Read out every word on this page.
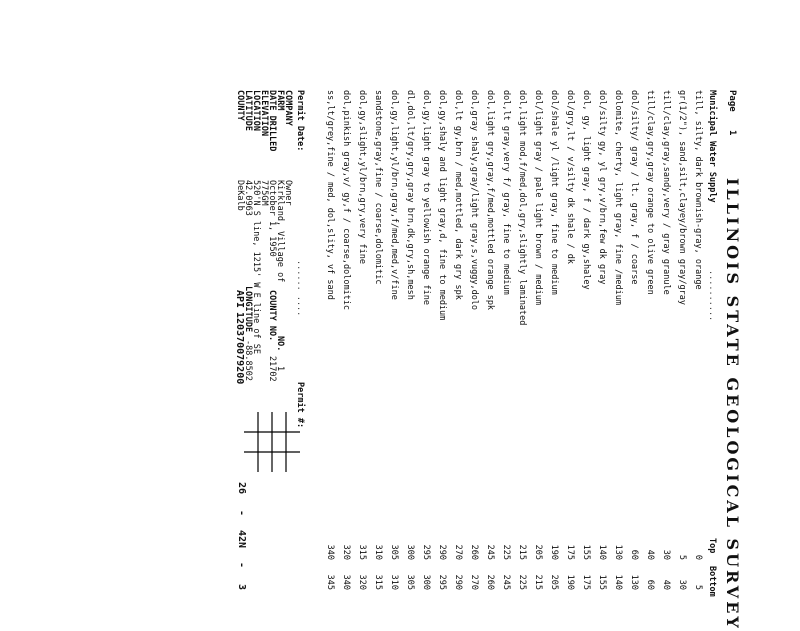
Page
1
ILLINOIS STATE GEOLOGICAL SURVEY
Municipal Water Supply
Top
Bottom
..........
till, silty, dark brownish-gray, orange
0
5
gr(1/2"), sand,silt,clayey/brown gray/gray
5
30
till/clay,gray,sandy,very / gray granule
30
40
till/clay,gry,gray orange to olive green
40
60
dol/silty/ gray / lt. gray, f / coarse
60
130
dolomite, cherty, light gray, fine /medium
130
140
dol/silty gy, yl gry,v/brn,few dk gray
140
155
dol, gy, light gray, f / dark gy,shaley
155
175
dol/gry,lt / v/silty dk shale / dk
175
190
dol/shale yl /light gray, fine to medium
190
205
dol/light gray / pale light brown / medium
205
215
dol,light mod,f/med,dol,gry,slightly laminated
215
225
dol,lt gray,very f/ gray, fine to medium
225
245
dol,light gry,gray,f/med,mottled orange spk
245
260
dol,gray shaly,gray/light gray,s,vuggy,dolo
260
270
dol,lt gy,brn / med,mottled, dark gry spk
270
290
dol,gy,shaly and light gray,d, fine to medium
290
295
dol,gy,light gray to yellowish orange fine
295
300
dl,dol,lt/gry,gry,gray brn,dk,gry,sh,mesh
300
305
dol,gy,light,yl/brn,gray,f/med,med,v/fine
305
310
sandstone,gray,fine / coarse,dolomitic
310
315
dol,gy,slight,yl/brn,gry,very fine
315
320
dol,pinkish gray,v/ gy,f / coarse,dolomitic
320
340
ss,lt/grey,fine / med, dol,slity, vf sand
340
345
Permit Date:
...... ....
Permit #:
COMPANY
Owner
FARM
Kirkland, Village of
DATE DRILLED
October 1, 1950
ELEVATION
775GM
LOCATION
520'N S line, 1215' W E line of SE
LATITUDE
42.0963
COUNTY
DeKalb
NO.
1
COUNTY NO.
21702
LONGITUDE
-88.8502
API
120370079200
26
-
42N
-
3
